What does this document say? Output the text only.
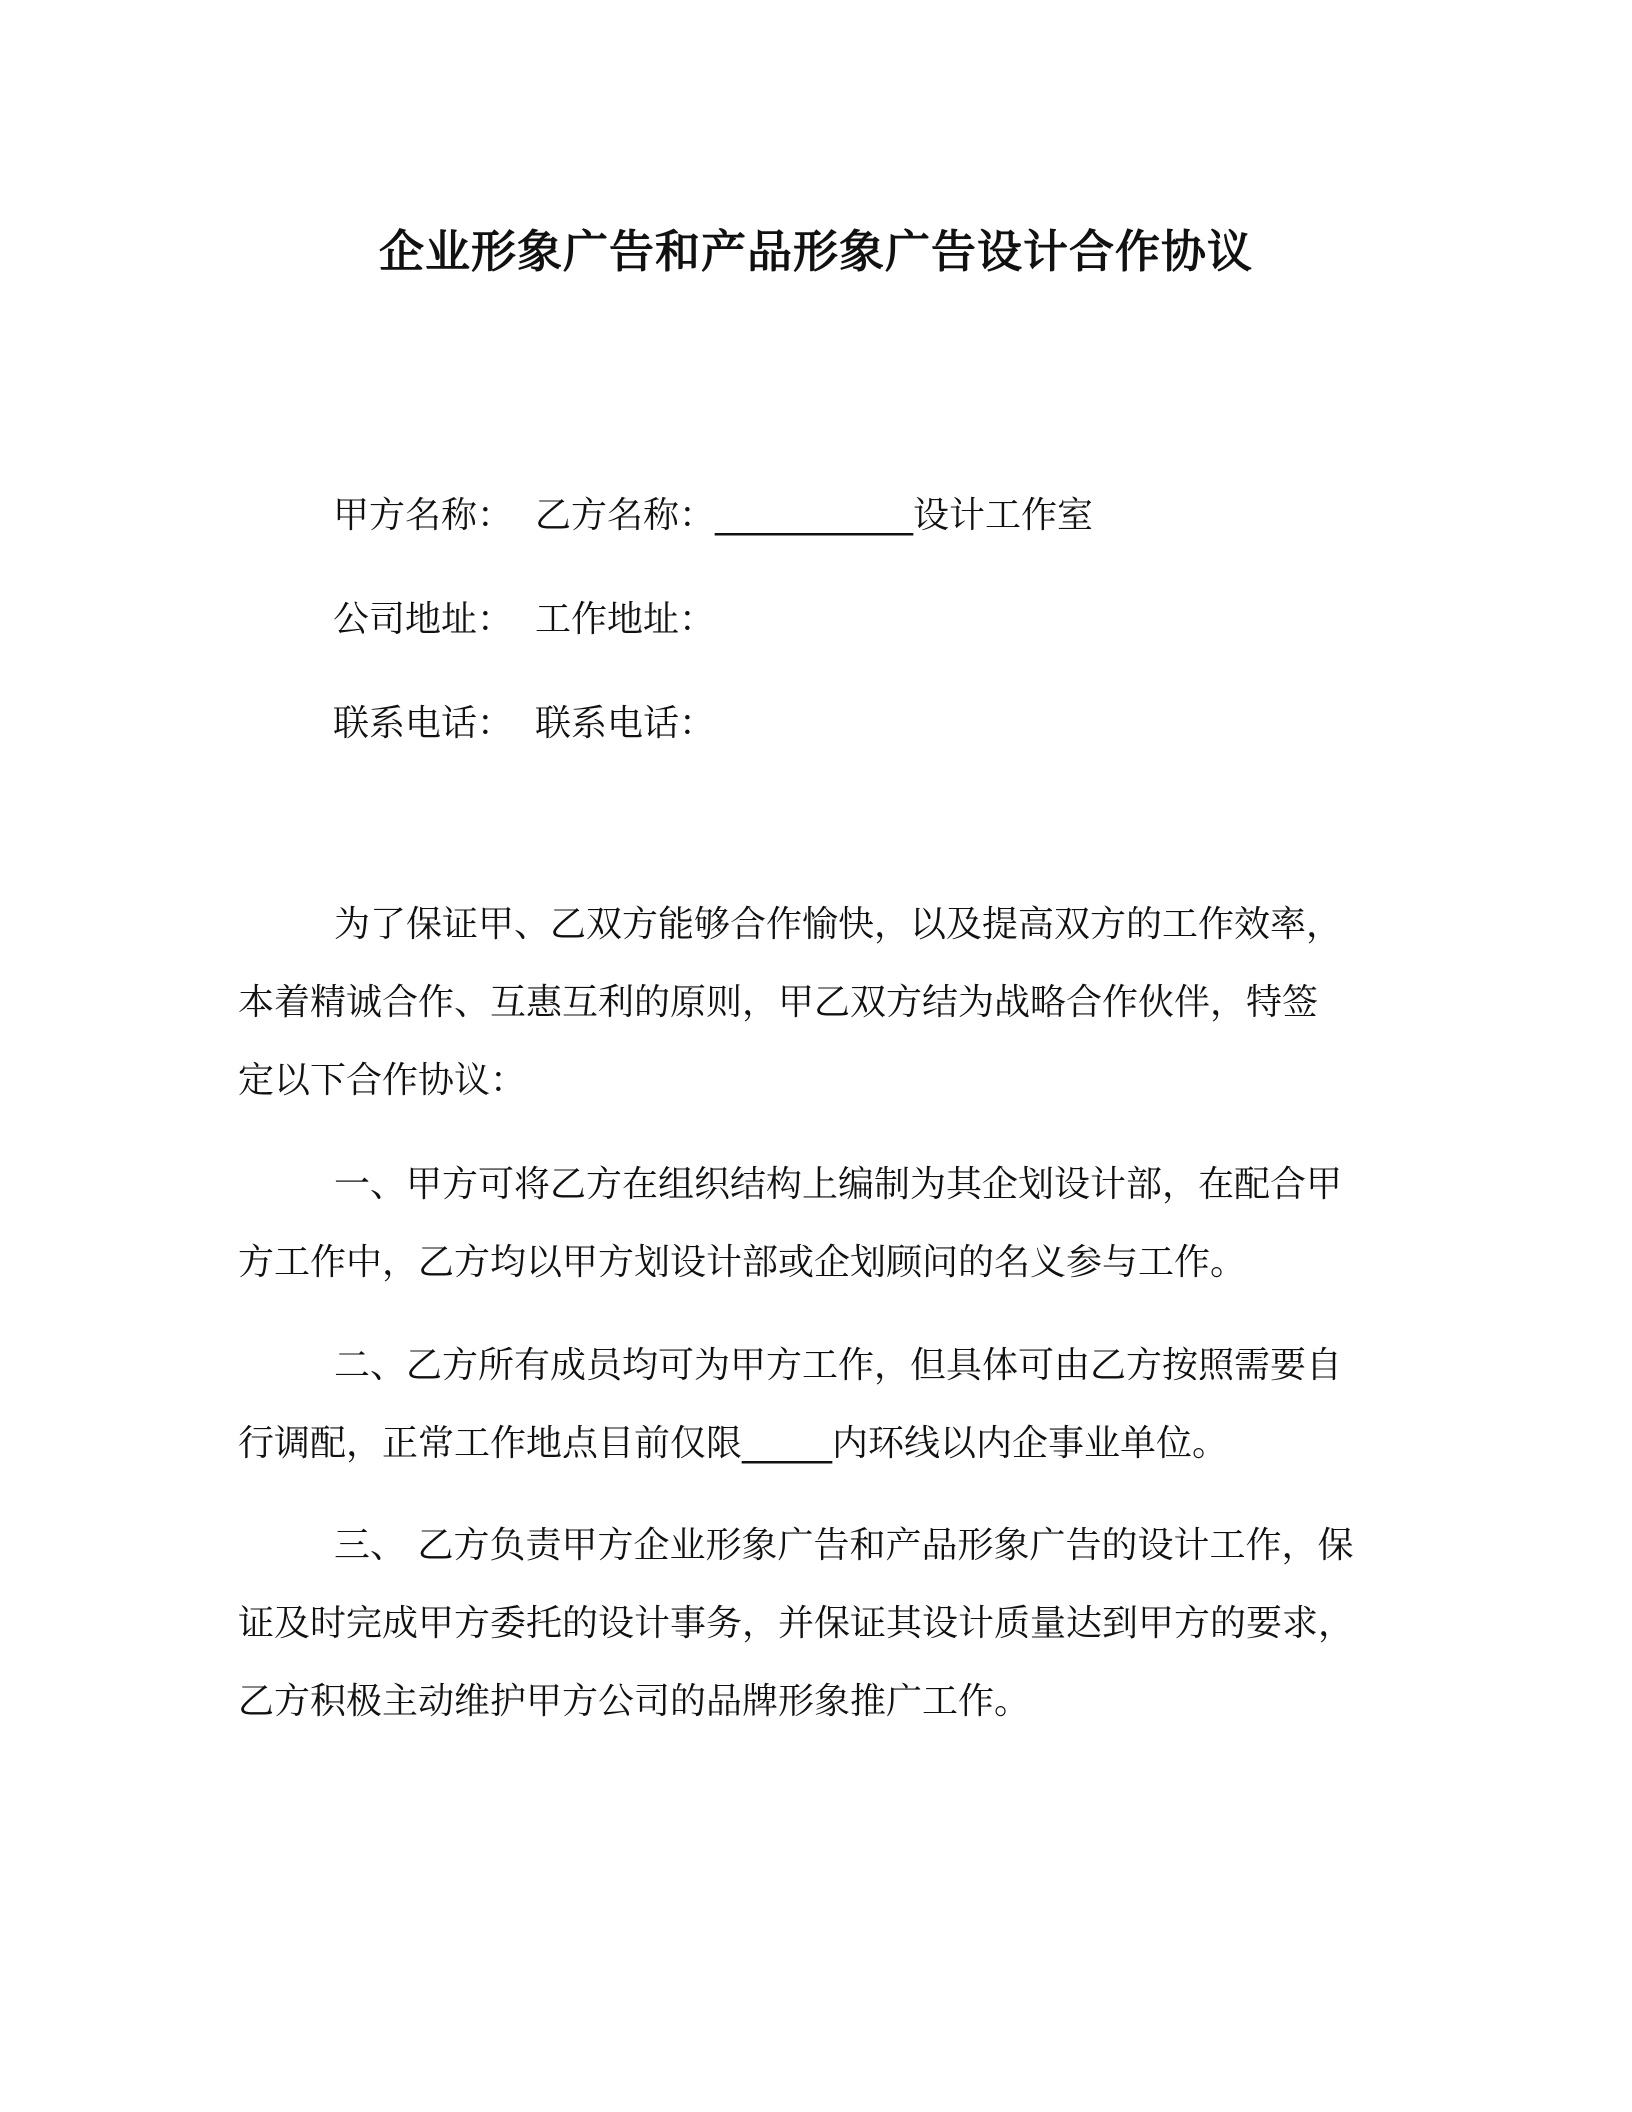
企业形象广告和产品形象广告设计合作协议
甲方名称： 乙方名称：___________设计工作室
公司地址： 工作地址：
联系电话： 联系电话：
为了保证甲、乙双方能够合作愉快，以及提高双方的工作效率，
本着精诚合作、互惠互利的原则，甲乙双方结为战略合作伙伴，特签
定以下合作协议：
一、甲方可将乙方在组织结构上编制为其企划设计部，在配合甲
方工作中，乙方均以甲方划设计部或企划顾问的名义参与工作。
二、乙方所有成员均可为甲方工作，但具体可由乙方按照需要自
行调配，正常工作地点目前仅限_____内环线以内企事业单位。
三、 乙方负责甲方企业形象广告和产品形象广告的设计工作，保
证及时完成甲方委托的设计事务，并保证其设计质量达到甲方的要求，
乙方积极主动维护甲方公司的品牌形象推广工作。
